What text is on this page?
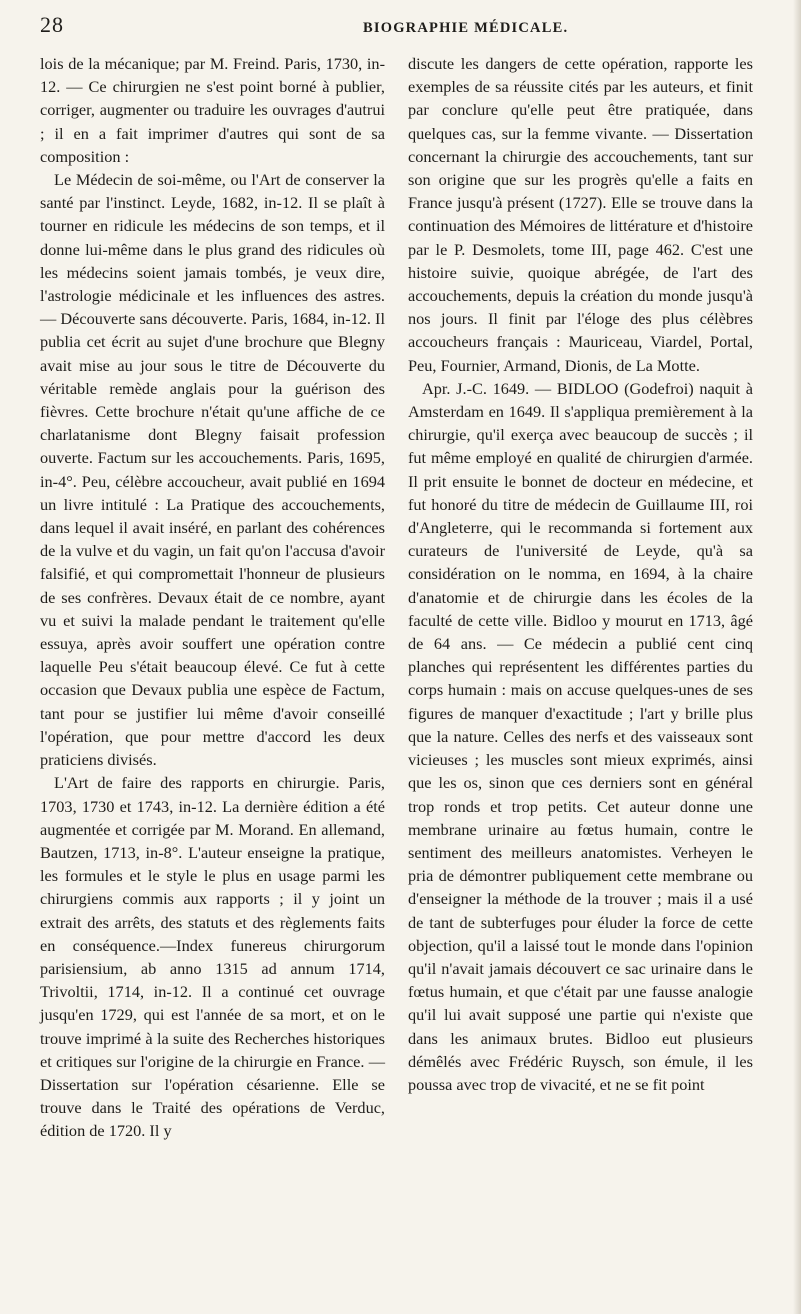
28	BIOGRAPHIE MÉDICALE.

lois de la mécanique; par M. Freind. Paris, 1730, in-12. — Ce chirurgien ne s'est point borné à publier, corriger, augmenter ou traduire les ouvrages d'autrui ; il en a fait imprimer d'autres qui sont de sa composition :

Le Médecin de soi-même, ou l'Art de conserver la santé par l'instinct. Leyde, 1682, in-12. Il se plaît à tourner en ridicule les médecins de son temps, et il donne lui-même dans le plus grand des ridicules où les médecins soient jamais tombés, je veux dire, l'astrologie médicinale et les influences des astres. — Découverte sans découverte. Paris, 1684, in-12. Il publia cet écrit au sujet d'une brochure que Blegny avait mise au jour sous le titre de Découverte du véritable remède anglais pour la guérison des fièvres. Cette brochure n'était qu'une affiche de ce charlatanisme dont Blegny faisait profession ouverte. Factum sur les accouchements. Paris, 1695, in-4°. Peu, célèbre accoucheur, avait publié en 1694 un livre intitulé : La Pratique des accouchements, dans lequel il avait inséré, en parlant des cohérences de la vulve et du vagin, un fait qu'on l'accusa d'avoir falsifié, et qui compromettait l'honneur de plusieurs de ses confrères. Devaux était de ce nombre, ayant vu et suivi la malade pendant le traitement qu'elle essuya, après avoir souffert une opération contre laquelle Peu s'était beaucoup élevé. Ce fut à cette occasion que Devaux publia une espèce de Factum, tant pour se justifier lui même d'avoir conseillé l'opération, que pour mettre d'accord les deux praticiens divisés.

L'Art de faire des rapports en chirurgie. Paris, 1703, 1730 et 1743, in-12. La dernière édition a été augmentée et corrigée par M. Morand. En allemand, Bautzen, 1713, in-8°. L'auteur enseigne la pratique, les formules et le style le plus en usage parmi les chirurgiens commis aux rapports ; il y joint un extrait des arrêts, des statuts et des règlements faits en conséquence.—Index funereus chirurgorum parisiensium, ab anno 1315 ad annum 1714, Trivoltii, 1714, in-12. Il a continué cet ouvrage jusqu'en 1729, qui est l'année de sa mort, et on le trouve imprimé à la suite des Recherches historiques et critiques sur l'origine de la chirurgie en France. — Dissertation sur l'opération césarienne. Elle se trouve dans le Traité des opérations de Verduc, édition de 1720. Il y

discute les dangers de cette opération, rapporte les exemples de sa réussite cités par les auteurs, et finit par conclure qu'elle peut être pratiquée, dans quelques cas, sur la femme vivante. — Dissertation concernant la chirurgie des accouchements, tant sur son origine que sur les progrès qu'elle a faits en France jusqu'à présent (1727). Elle se trouve dans la continuation des Mémoires de littérature et d'histoire par le P. Desmolets, tome III, page 462. C'est une histoire suivie, quoique abrégée, de l'art des accouchements, depuis la création du monde jusqu'à nos jours. Il finit par l'éloge des plus célèbres accoucheurs français : Mauriceau, Viardel, Portal, Peu, Fournier, Armand, Dionis, de La Motte.

Apr. J.-C. 1649. — BIDLOO (Godefroi) naquit à Amsterdam en 1649. Il s'appliqua premièrement à la chirurgie, qu'il exerça avec beaucoup de succès ; il fut même employé en qualité de chirurgien d'armée. Il prit ensuite le bonnet de docteur en médecine, et fut honoré du titre de médecin de Guillaume III, roi d'Angleterre, qui le recommanda si fortement aux curateurs de l'université de Leyde, qu'à sa considération on le nomma, en 1694, à la chaire d'anatomie et de chirurgie dans les écoles de la faculté de cette ville. Bidloo y mourut en 1713, âgé de 64 ans. — Ce médecin a publié cent cinq planches qui représentent les différentes parties du corps humain : mais on accuse quelques-unes de ses figures de manquer d'exactitude ; l'art y brille plus que la nature. Celles des nerfs et des vaisseaux sont vicieuses ; les muscles sont mieux exprimés, ainsi que les os, sinon que ces derniers sont en général trop ronds et trop petits. Cet auteur donne une membrane urinaire au fœtus humain, contre le sentiment des meilleurs anatomistes. Verheyen le pria de démontrer publiquement cette membrane ou d'enseigner la méthode de la trouver ; mais il a usé de tant de subterfuges pour éluder la force de cette objection, qu'il a laissé tout le monde dans l'opinion qu'il n'avait jamais découvert ce sac urinaire dans le fœtus humain, et que c'était par une fausse analogie qu'il lui avait supposé une partie qui n'existe que dans les animaux brutes. Bidloo eut plusieurs démêlés avec Frédéric Ruysch, son émule, il les poussa avec trop de vivacité, et ne se fit point
